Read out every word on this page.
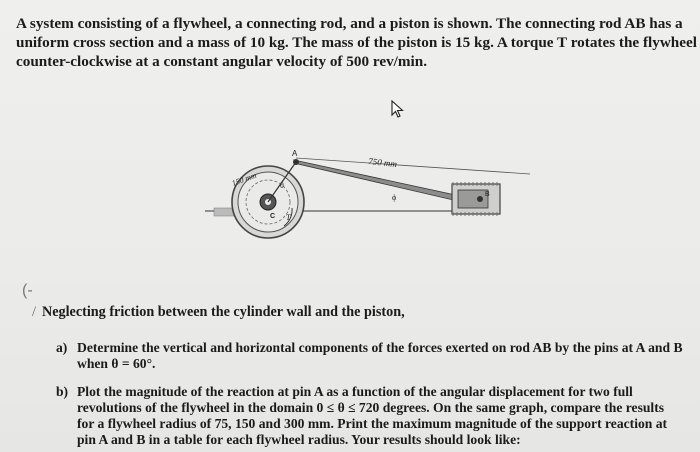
A system consisting of a flywheel, a connecting rod, and a piston is shown. The connecting rod AB has a
uniform cross section and a mass of 10 kg. The mass of the piston is 15 kg. A torque T rotates the flywheel
counter-clockwise at a constant angular velocity of 500 rev/min.
750 mm
150 mm
A
B
C
θ
T
ϕ
(-
/ Neglecting friction between the cylinder wall and the piston,
a) Determine the vertical and horizontal components of the forces exerted on rod AB by the pins at A and B
when θ = 60°.
b) Plot the magnitude of the reaction at pin A as a function of the angular displacement for two full
revolutions of the flywheel in the domain 0 ≤ θ ≤ 720 degrees. On the same graph, compare the results
for a flywheel radius of 75, 150 and 300 mm. Print the maximum magnitude of the support reaction at
pin A and B in a table for each flywheel radius. Your results should look like:
